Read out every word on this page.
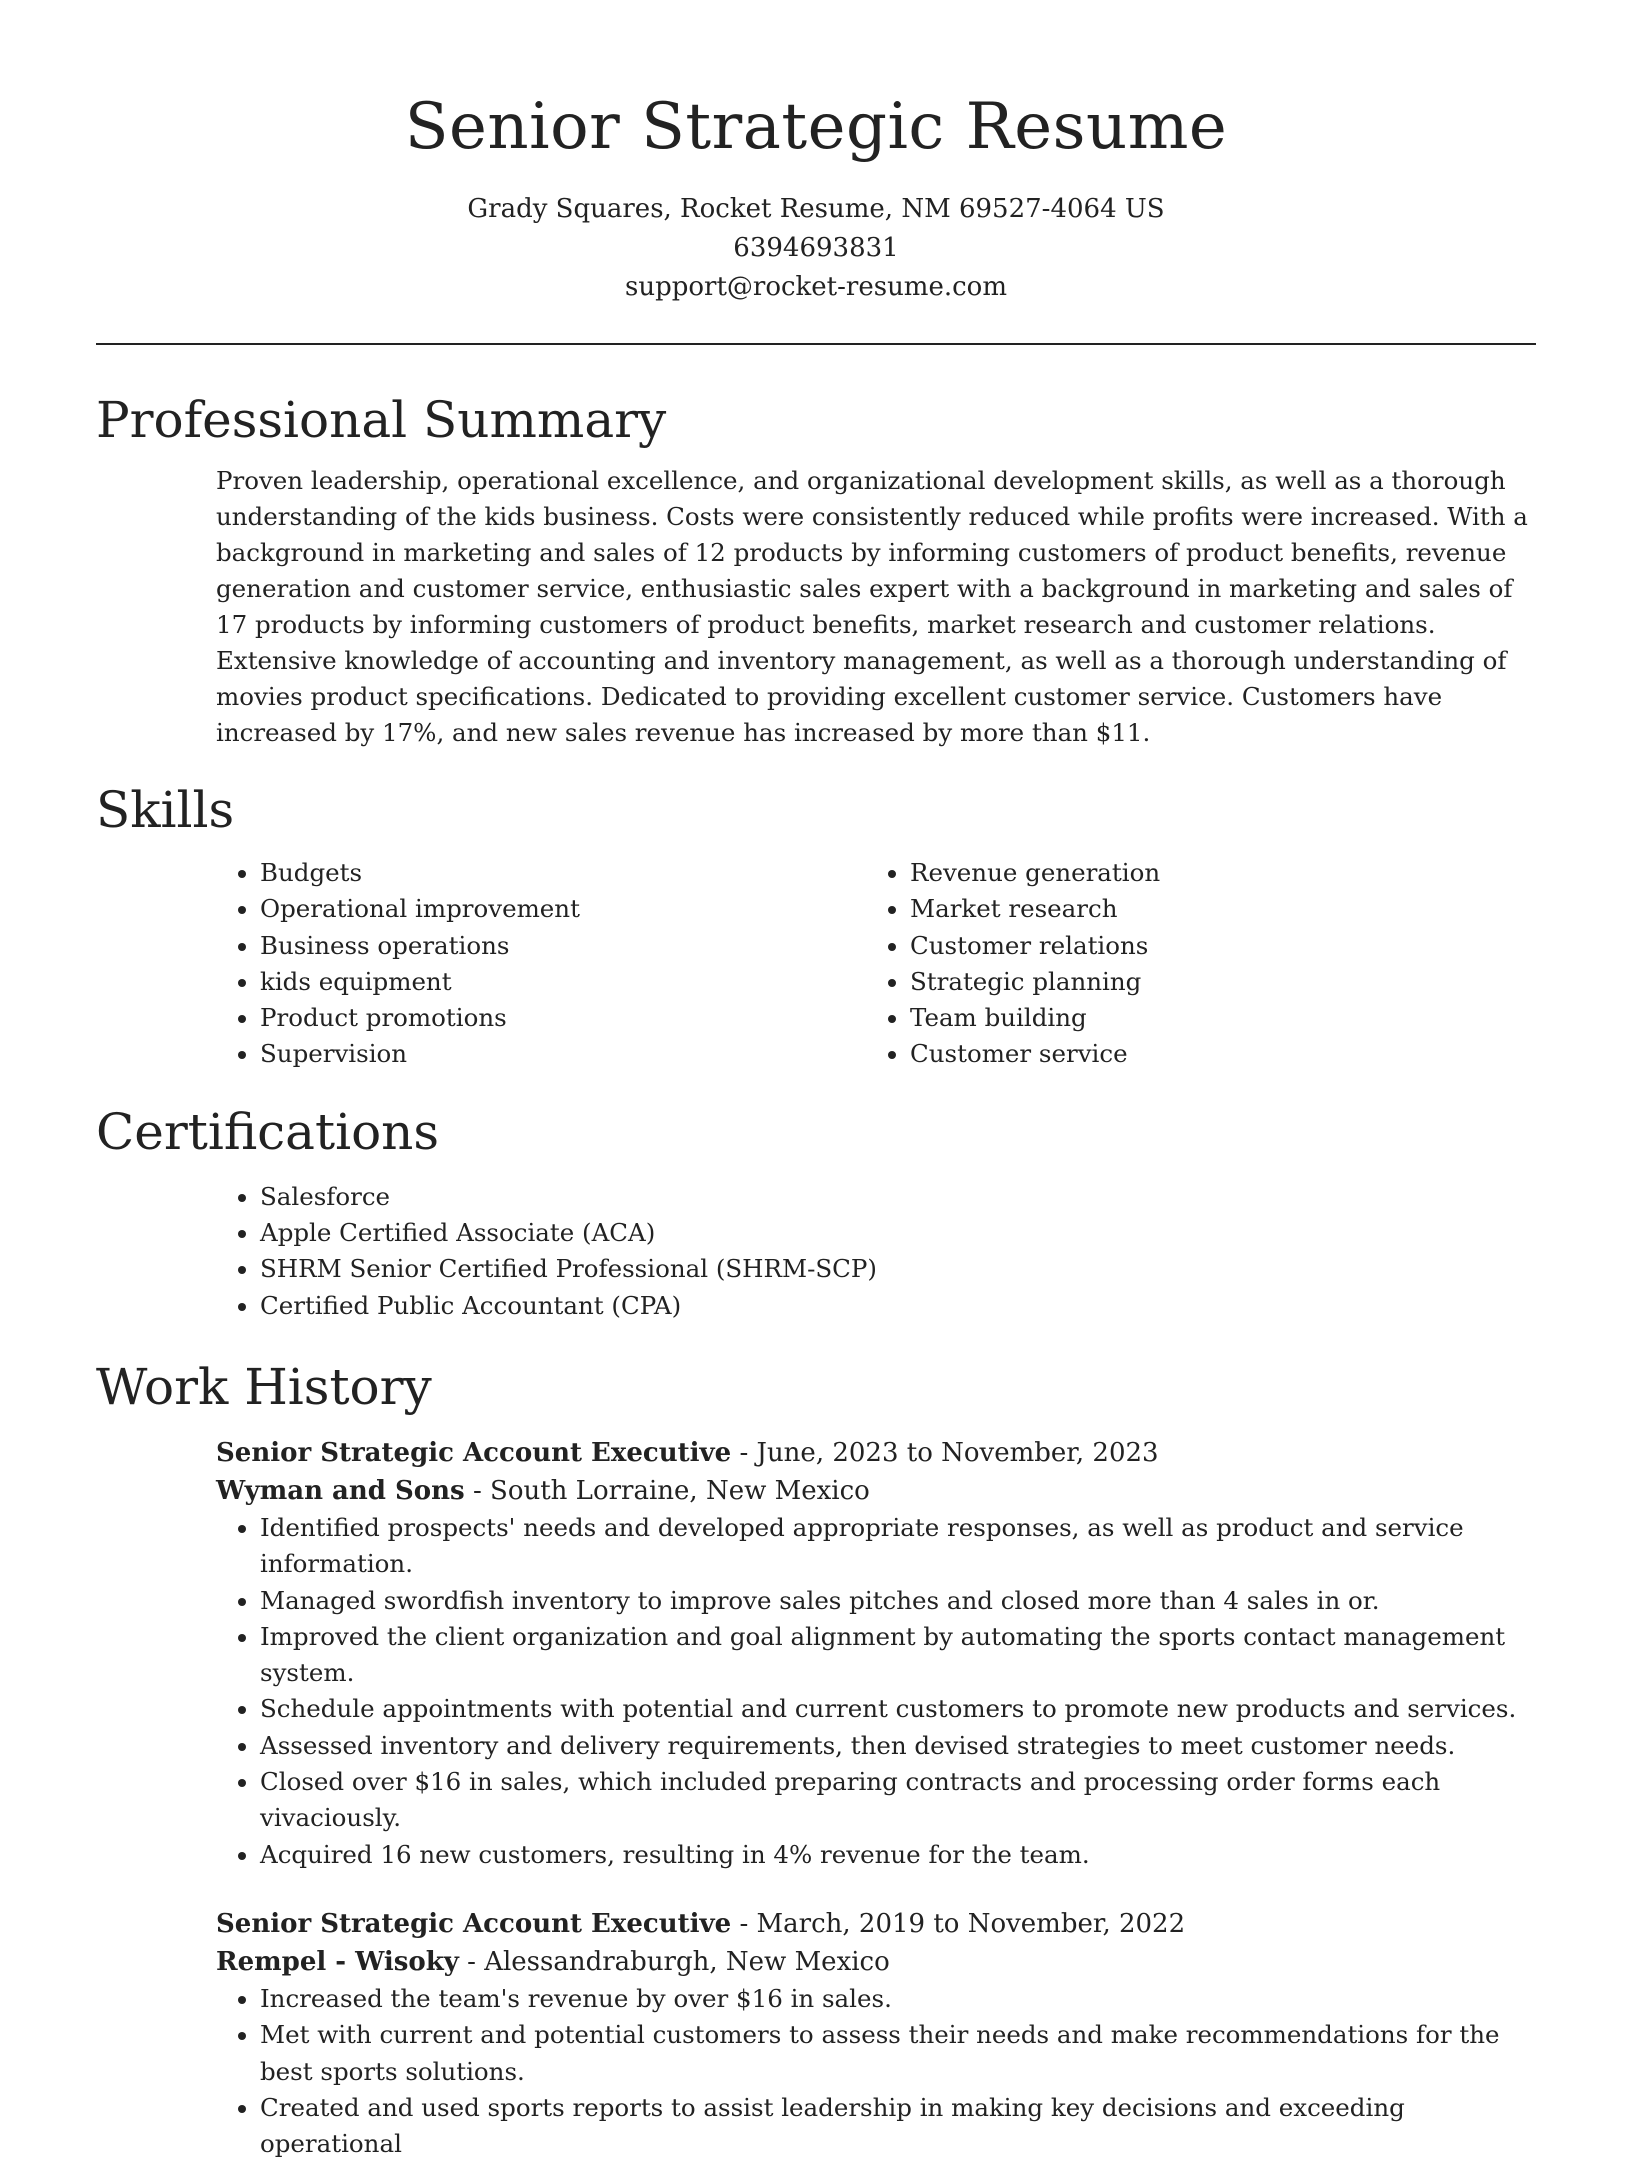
Senior Strategic Resume
Grady Squares, Rocket Resume, NM 69527-4064 US
6394693831
support@rocket-resume.com
Professional Summary

Proven leadership, operational excellence, and organizational development skills, as well as a thorough understanding of the kids business. Costs were consistently reduced while profits were increased. With a background in marketing and sales of 12 products by informing customers of product benefits, revenue generation and customer service, enthusiastic sales expert with a background in marketing and sales of 17 products by informing customers of product benefits, market research and customer relations. Extensive knowledge of accounting and inventory management, as well as a thorough understanding of movies product specifications. Dedicated to providing excellent customer service. Customers have increased by 17%, and new sales revenue has increased by more than $11.

Skills
• Budgets
• Operational improvement
• Business operations
• kids equipment
• Product promotions
• Supervision
• Revenue generation
• Market research
• Customer relations
• Strategic planning
• Team building
• Customer service
Certifications
• Salesforce
• Apple Certified Associate (ACA)
• SHRM Senior Certified Professional (SHRM-SCP)
• Certified Public Accountant (CPA)
Work History
Senior Strategic Account Executive - June, 2023 to November, 2023
Wyman and Sons - South Lorraine, New Mexico
• Identified prospects' needs and developed appropriate responses, as well as product and service information.
• Managed swordfish inventory to improve sales pitches and closed more than 4 sales in or.
• Improved the client organization and goal alignment by automating the sports contact management system.
• Schedule appointments with potential and current customers to promote new products and services.
• Assessed inventory and delivery requirements, then devised strategies to meet customer needs.
• Closed over $16 in sales, which included preparing contracts and processing order forms each vivaciously.
• Acquired 16 new customers, resulting in 4% revenue for the team.
Senior Strategic Account Executive - March, 2019 to November, 2022
Rempel - Wisoky - Alessandraburgh, New Mexico
• Increased the team's revenue by over $16 in sales.
• Met with current and potential customers to assess their needs and make recommendations for the best sports solutions.
• Created and used sports reports to assist leadership in making key decisions and exceeding operational
